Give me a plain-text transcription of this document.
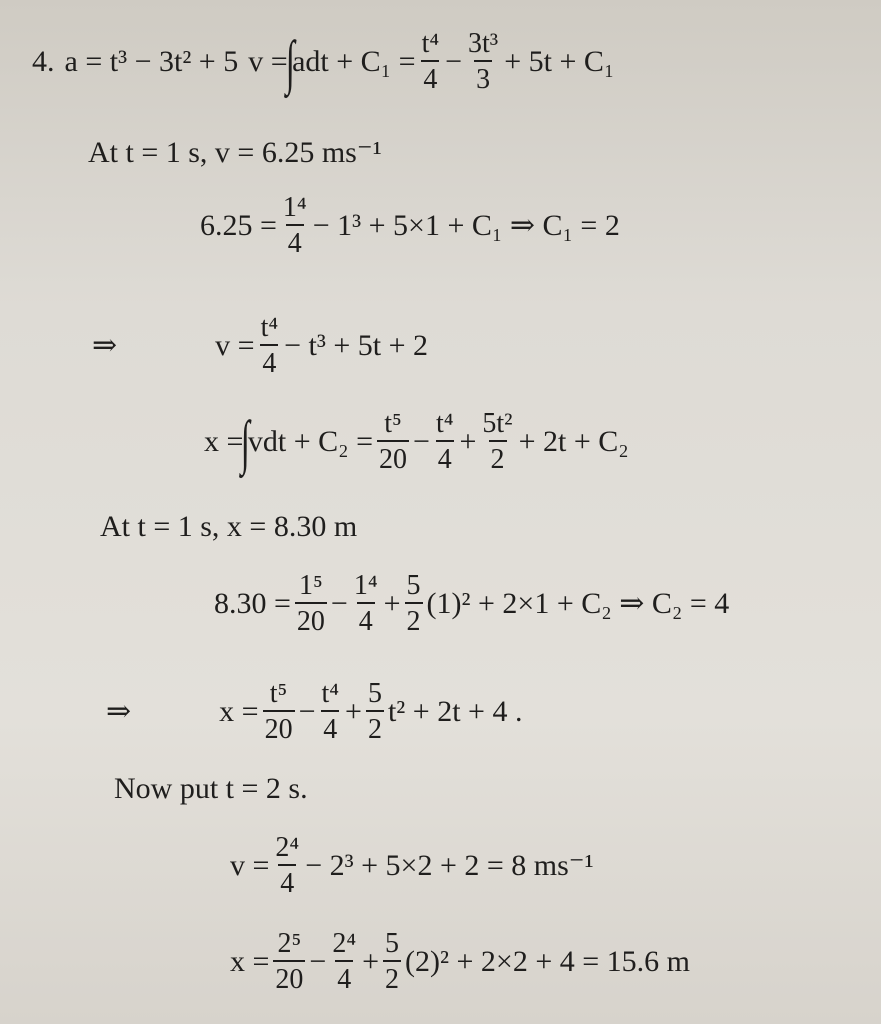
4. a = t³ − 3t² + 5 v =
∫
adt + $C_1 = \frac{\text{t⁴}}{4} - \frac{\text{3t³}}{3} + 5t + C_1$
At t = 1 s, v = 6.25 ms⁻¹
$6.25 = \frac{\text{1⁴}}{4} - 1^3 + 5\times 1 + C_1$ ⇒ C₁ = 2
⇒	$v = \frac{\text{t⁴}}{4} - t^3 + 5t + 2$
x =
∫
vdt + $C_2 = \frac{\text{t⁵}}{20} - \frac{\text{t⁴}}{4} + \frac{\text{5t²}}{2} + 2t + C_2$
At t = 1 s, x = 8.30 m
$8.30 = \frac{\text{1⁵}}{20} - \frac{\text{1⁴}}{4} + \frac{5}{2} (1)^2 + 2\times 1 + C_2$ ⇒ C₂ = 4
⇒	$x = \frac{\text{t⁵}}{20} - \frac{\text{t⁴}}{4} + \frac{5}{2} t^2 + 2t + 4$ .
Now put t = 2 s.
$v = \frac{\text{2⁴}}{4} - 2^3 + 5\times 2 + 2 = 8$ ms⁻¹
$x = \frac{\text{2⁵}}{20} - \frac{\text{2⁴}}{4} + \frac{5}{2} (2)^2 + 2\times 2 + 4 = 15.6$ m
